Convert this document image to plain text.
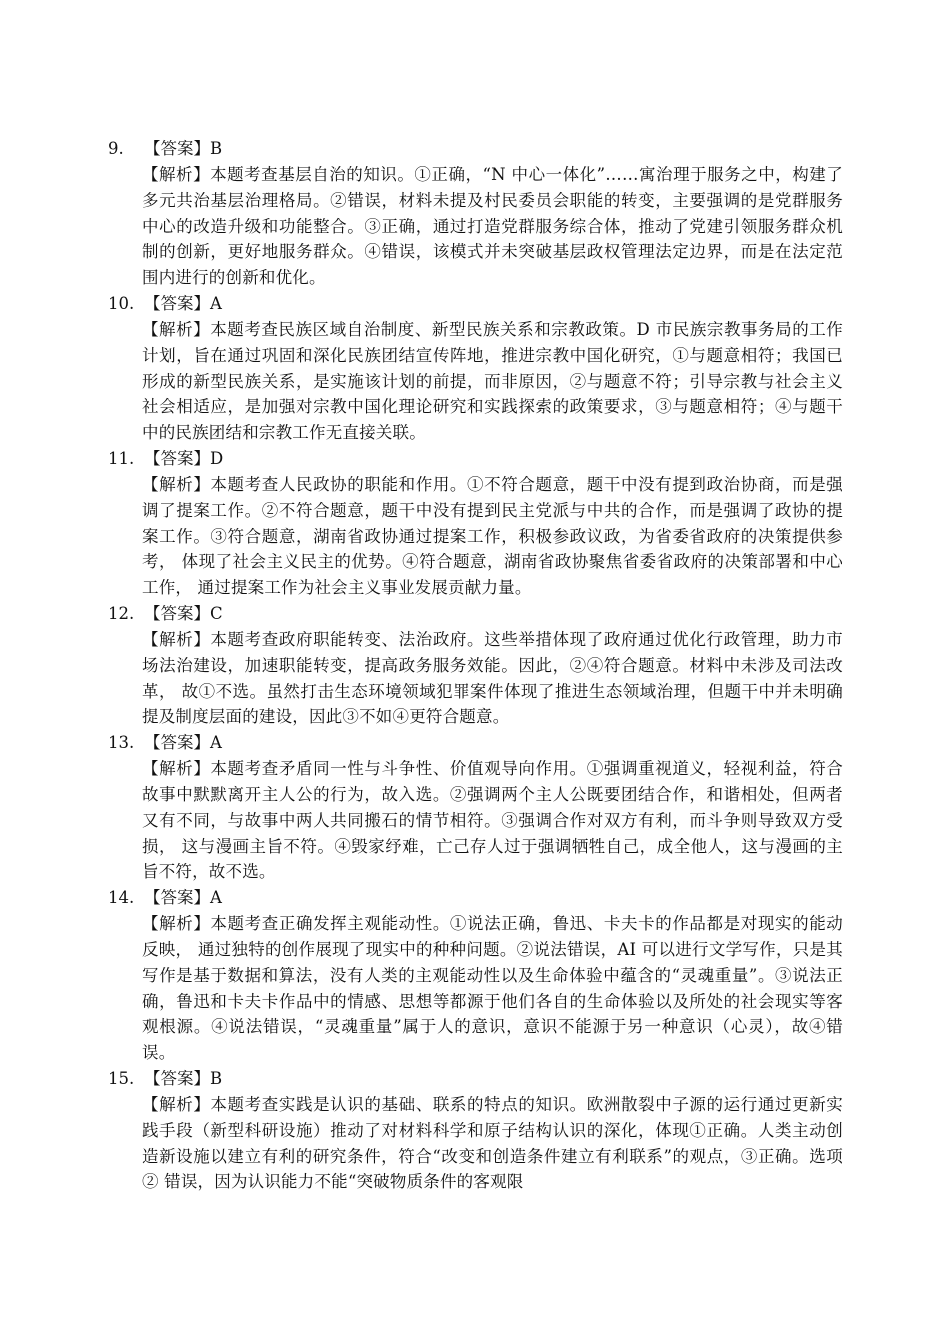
9.	【答案】B
【解析】本题考查基层自治的知识。①正确，“N 中心一体化”……寓治理于服务之中，构建了多元共治基层治理格局。②错误，材料未提及村民委员会职能的转变，主要强调的是党群服务中心的改造升级和功能整合。③正确，通过打造党群服务综合体，推动了党建引领服务群众机制的创新，更好地服务群众。④错误，该模式并未突破基层政权管理法定边界，而是在法定范围内进行的创新和优化。
10. 【答案】A
【解析】本题考查民族区域自治制度、新型民族关系和宗教政策。D 市民族宗教事务局的工作计划，旨在通过巩固和深化民族团结宣传阵地，推进宗教中国化研究，①与题意相符；我国已形成的新型民族关系，是实施该计划的前提，而非原因，②与题意不符；引导宗教与社会主义社会相适应，是加强对宗教中国化理论研究和实践探索的政策要求，③与题意相符；④与题干中的民族团结和宗教工作无直接关联。
11. 【答案】D
【解析】本题考查人民政协的职能和作用。①不符合题意，题干中没有提到政治协商，而是强调了提案工作。②不符合题意，题干中没有提到民主党派与中共的合作，而是强调了政协的提案工作。③符合题意，湖南省政协通过提案工作，积极参政议政，为省委省政府的决策提供参考， 体现了社会主义民主的优势。④符合题意，湖南省政协聚焦省委省政府的决策部署和中心工作， 通过提案工作为社会主义事业发展贡献力量。
12. 【答案】C
【解析】本题考查政府职能转变、法治政府。这些举措体现了政府通过优化行政管理，助力市场法治建设，加速职能转变，提高政务服务效能。因此，②④符合题意。材料中未涉及司法改革， 故①不选。虽然打击生态环境领域犯罪案件体现了推进生态领域治理，但题干中并未明确提及制度层面的建设，因此③不如④更符合题意。
13. 【答案】A
【解析】本题考查矛盾同一性与斗争性、价值观导向作用。①强调重视道义，轻视利益，符合故事中默默离开主人公的行为，故入选。②强调两个主人公既要团结合作，和谐相处，但两者又有不同，与故事中两人共同搬石的情节相符。③强调合作对双方有利，而斗争则导致双方受损， 这与漫画主旨不符。④毁家纾难，亡己存人过于强调牺牲自己，成全他人，这与漫画的主旨不符，故不选。
14. 【答案】A
【解析】本题考查正确发挥主观能动性。①说法正确，鲁迅、卡夫卡的作品都是对现实的能动反映， 通过独特的创作展现了现实中的种种问题。②说法错误，AI 可以进行文学写作，只是其写作是基于数据和算法，没有人类的主观能动性以及生命体验中蕴含的“灵魂重量”。③说法正确，鲁迅和卡夫卡作品中的情感、思想等都源于他们各自的生命体验以及所处的社会现实等客观根源。④说法错误，“灵魂重量”属于人的意识，意识不能源于另一种意识（心灵），故④错误。
15. 【答案】B
【解析】本题考查实践是认识的基础、联系的特点的知识。欧洲散裂中子源的运行通过更新实践手段（新型科研设施）推动了对材料科学和原子结构认识的深化，体现①正确。人类主动创造新设施以建立有利的研究条件，符合“改变和创造条件建立有利联系”的观点，③正确。选项② 错误，因为认识能力不能“突破物质条件的客观限
